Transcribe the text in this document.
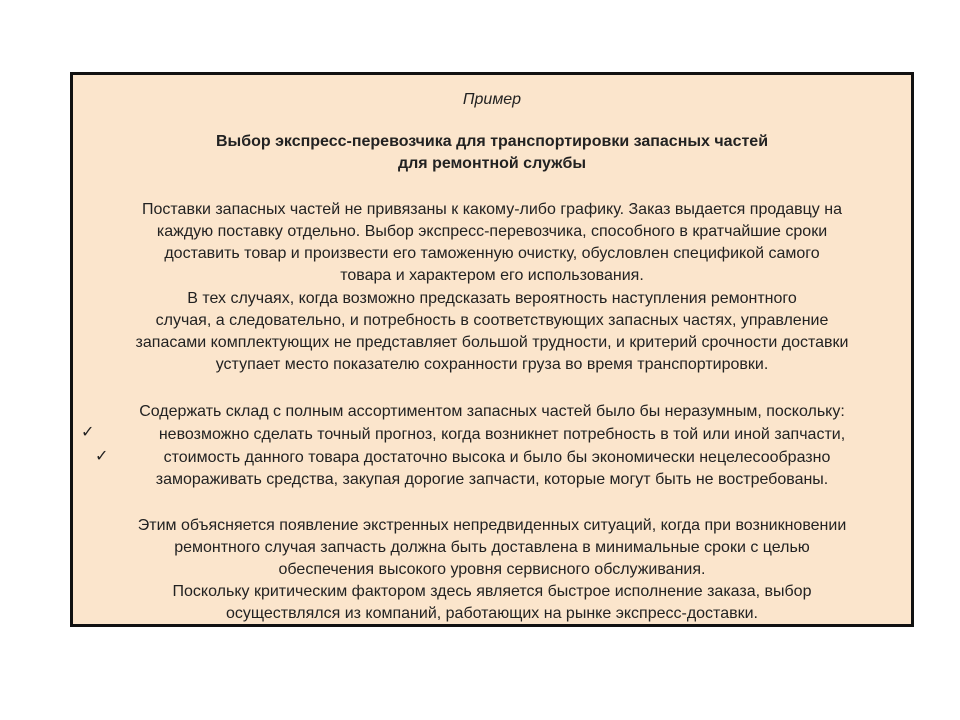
Пример
Выбор экспресс-перевозчика для транспортировки запасных частей
для ремонтной службы
Поставки запасных частей не привязаны к какому-либо графику. Заказ выдается продавцу на
каждую поставку отдельно. Выбор экспресс-перевозчика, способного в кратчайшие сроки
доставить товар и произвести его таможенную очистку, обусловлен спецификой самого
товара и характером его использования.
В тех случаях, когда возможно предсказать вероятность наступления ремонтного
случая, а следовательно, и потребность в соответствующих запасных частях, управление
запасами комплектующих не представляет большой трудности, и критерий срочности доставки
уступает место показателю сохранности груза во время транспортировки.
Содержать склад с полным ассортиментом запасных частей было бы неразумным, поскольку:
✓	невозможно сделать точный прогноз, когда возникнет потребность в той или иной запчасти,
✓	стоимость данного товара достаточно высока и было бы экономически нецелесообразно
замораживать средства, закупая дорогие запчасти, которые могут быть не востребованы.
Этим объясняется появление экстренных непредвиденных ситуаций, когда при возникновении
ремонтного случая запчасть должна быть доставлена в минимальные сроки с целью
обеспечения высокого уровня сервисного обслуживания.
Поскольку критическим фактором здесь является быстрое исполнение заказа, выбор
осуществлялся из компаний, работающих на рынке экспресс-доставки.
